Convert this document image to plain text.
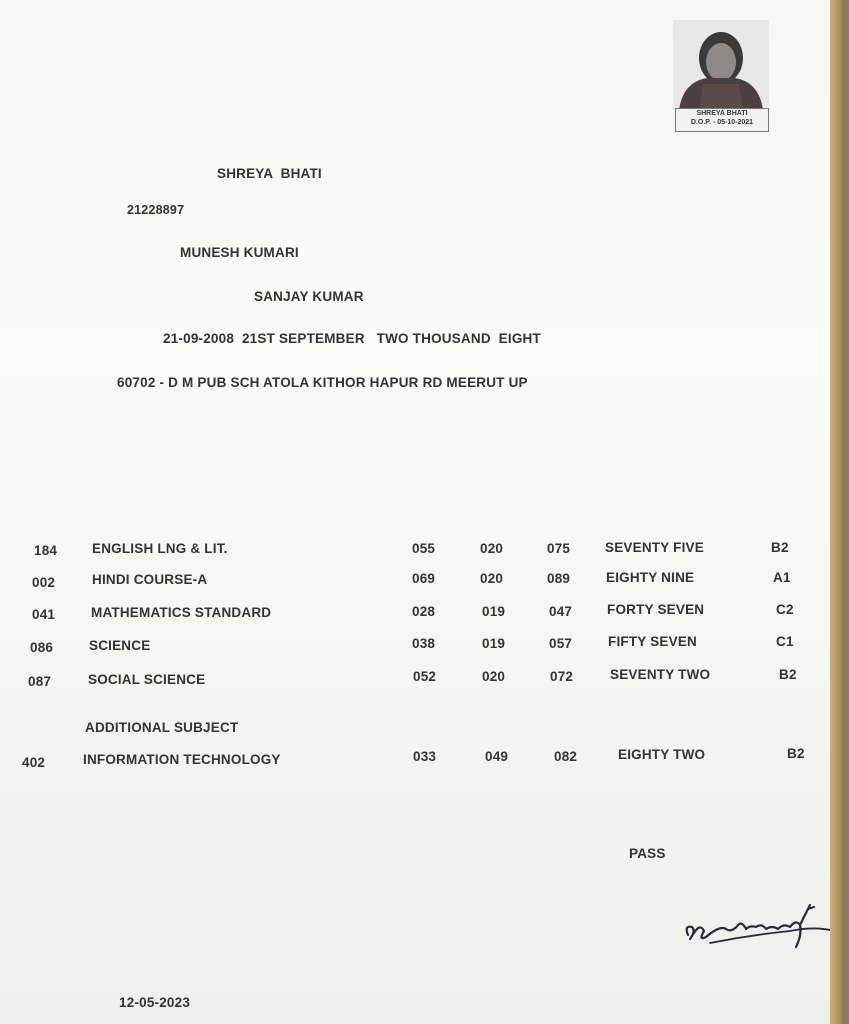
SHREYA BHATI
D.O.P. - 05-10-2021
SHREYA  BHATI
21228897
MUNESH KUMARI
SANJAY KUMAR
21-09-2008  21ST SEPTEMBER   TWO THOUSAND  EIGHT
60702 - D M PUB SCH ATOLA KITHOR HAPUR RD MEERUT UP
184	ENGLISH LNG & LIT.	055	020	075	SEVENTY FIVE	B2
002	HINDI COURSE-A	069	020	089	EIGHTY NINE	A1
041	MATHEMATICS STANDARD	028	019	047	FORTY SEVEN	C2
086	SCIENCE	038	019	057	FIFTY SEVEN	C1
087	SOCIAL SCIENCE	052	020	072	SEVENTY TWO	B2
ADDITIONAL SUBJECT
402	INFORMATION TECHNOLOGY	033	049	082	EIGHTY TWO	B2
PASS
12-05-2023
